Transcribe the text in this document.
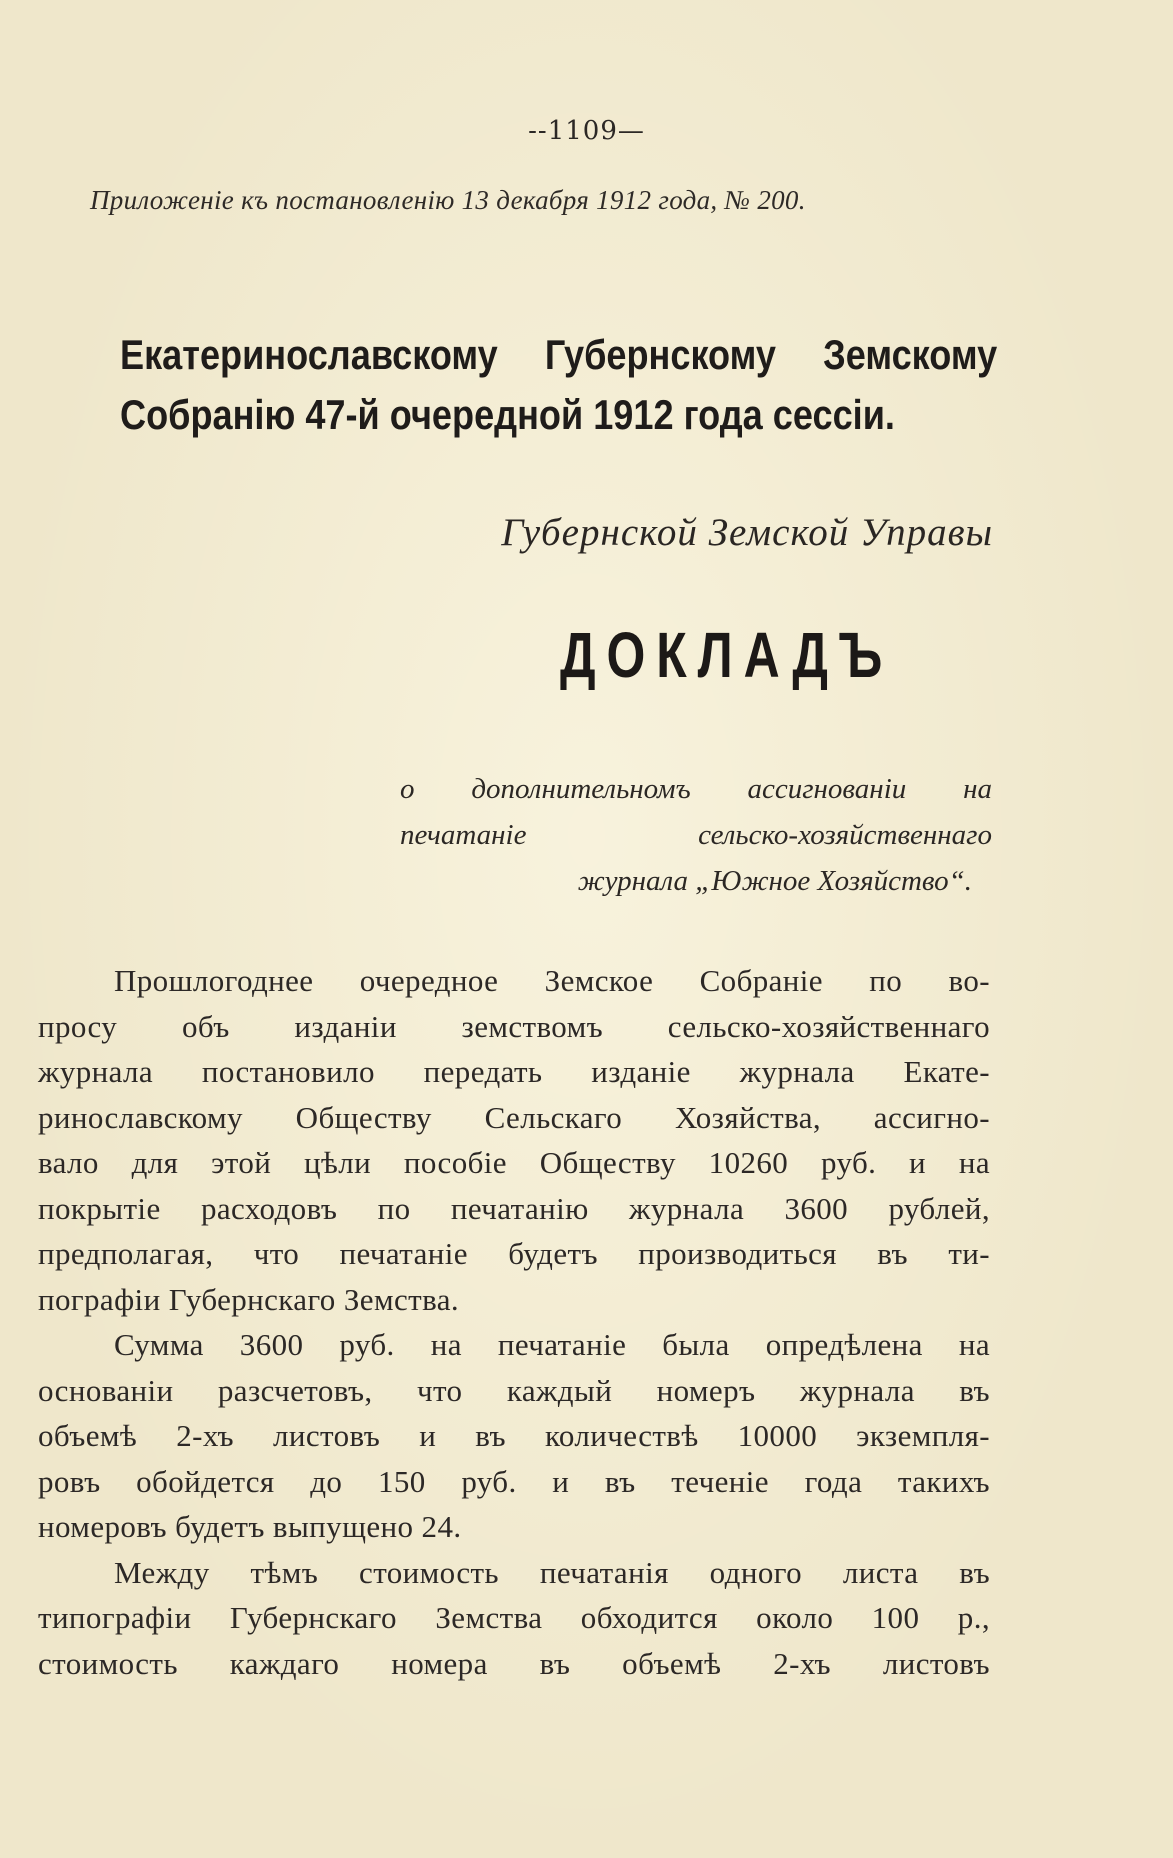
--1109—
Приложеніе къ постановленію 13 декабря 1912 года, № 200.
Екатеринославскому Губернскому Земскому Собранію 47-й очередной 1912 года сессіи.
Губернской Земской Управы
ДОКЛАДЪ
о дополнительномъ ассигнованіи на
печатаніе сельско-хозяйственнаго
журнала „Южное Хозяйство“.

Прошлогоднее очередное Земское Собраніе по во-
просу объ изданіи земствомъ сельско-хозяйственнаго
журнала постановило передать изданіе журнала Екате-
ринославскому Обществу Сельскаго Хозяйства, ассигно-
вало для этой цѣли пособіе Обществу 10260 руб. и на
покрытіе расходовъ по печатанію журнала 3600 рублей,
предполагая, что печатаніе будетъ производиться въ ти-
пографіи Губернскаго Земства.

Сумма 3600 руб. на печатаніе была опредѣлена на
основаніи разсчетовъ, что каждый номеръ журнала въ
объемѣ 2-хъ листовъ и въ количествѣ 10000 экземпля-
ровъ обойдется до 150 руб. и въ теченіе года такихъ
номеровъ будетъ выпущено 24.

Между тѣмъ стоимость печатанія одного листа въ
типографіи Губернскаго Земства обходится около 100 р.,
стоимость каждаго номера въ объемѣ 2-хъ листовъ
